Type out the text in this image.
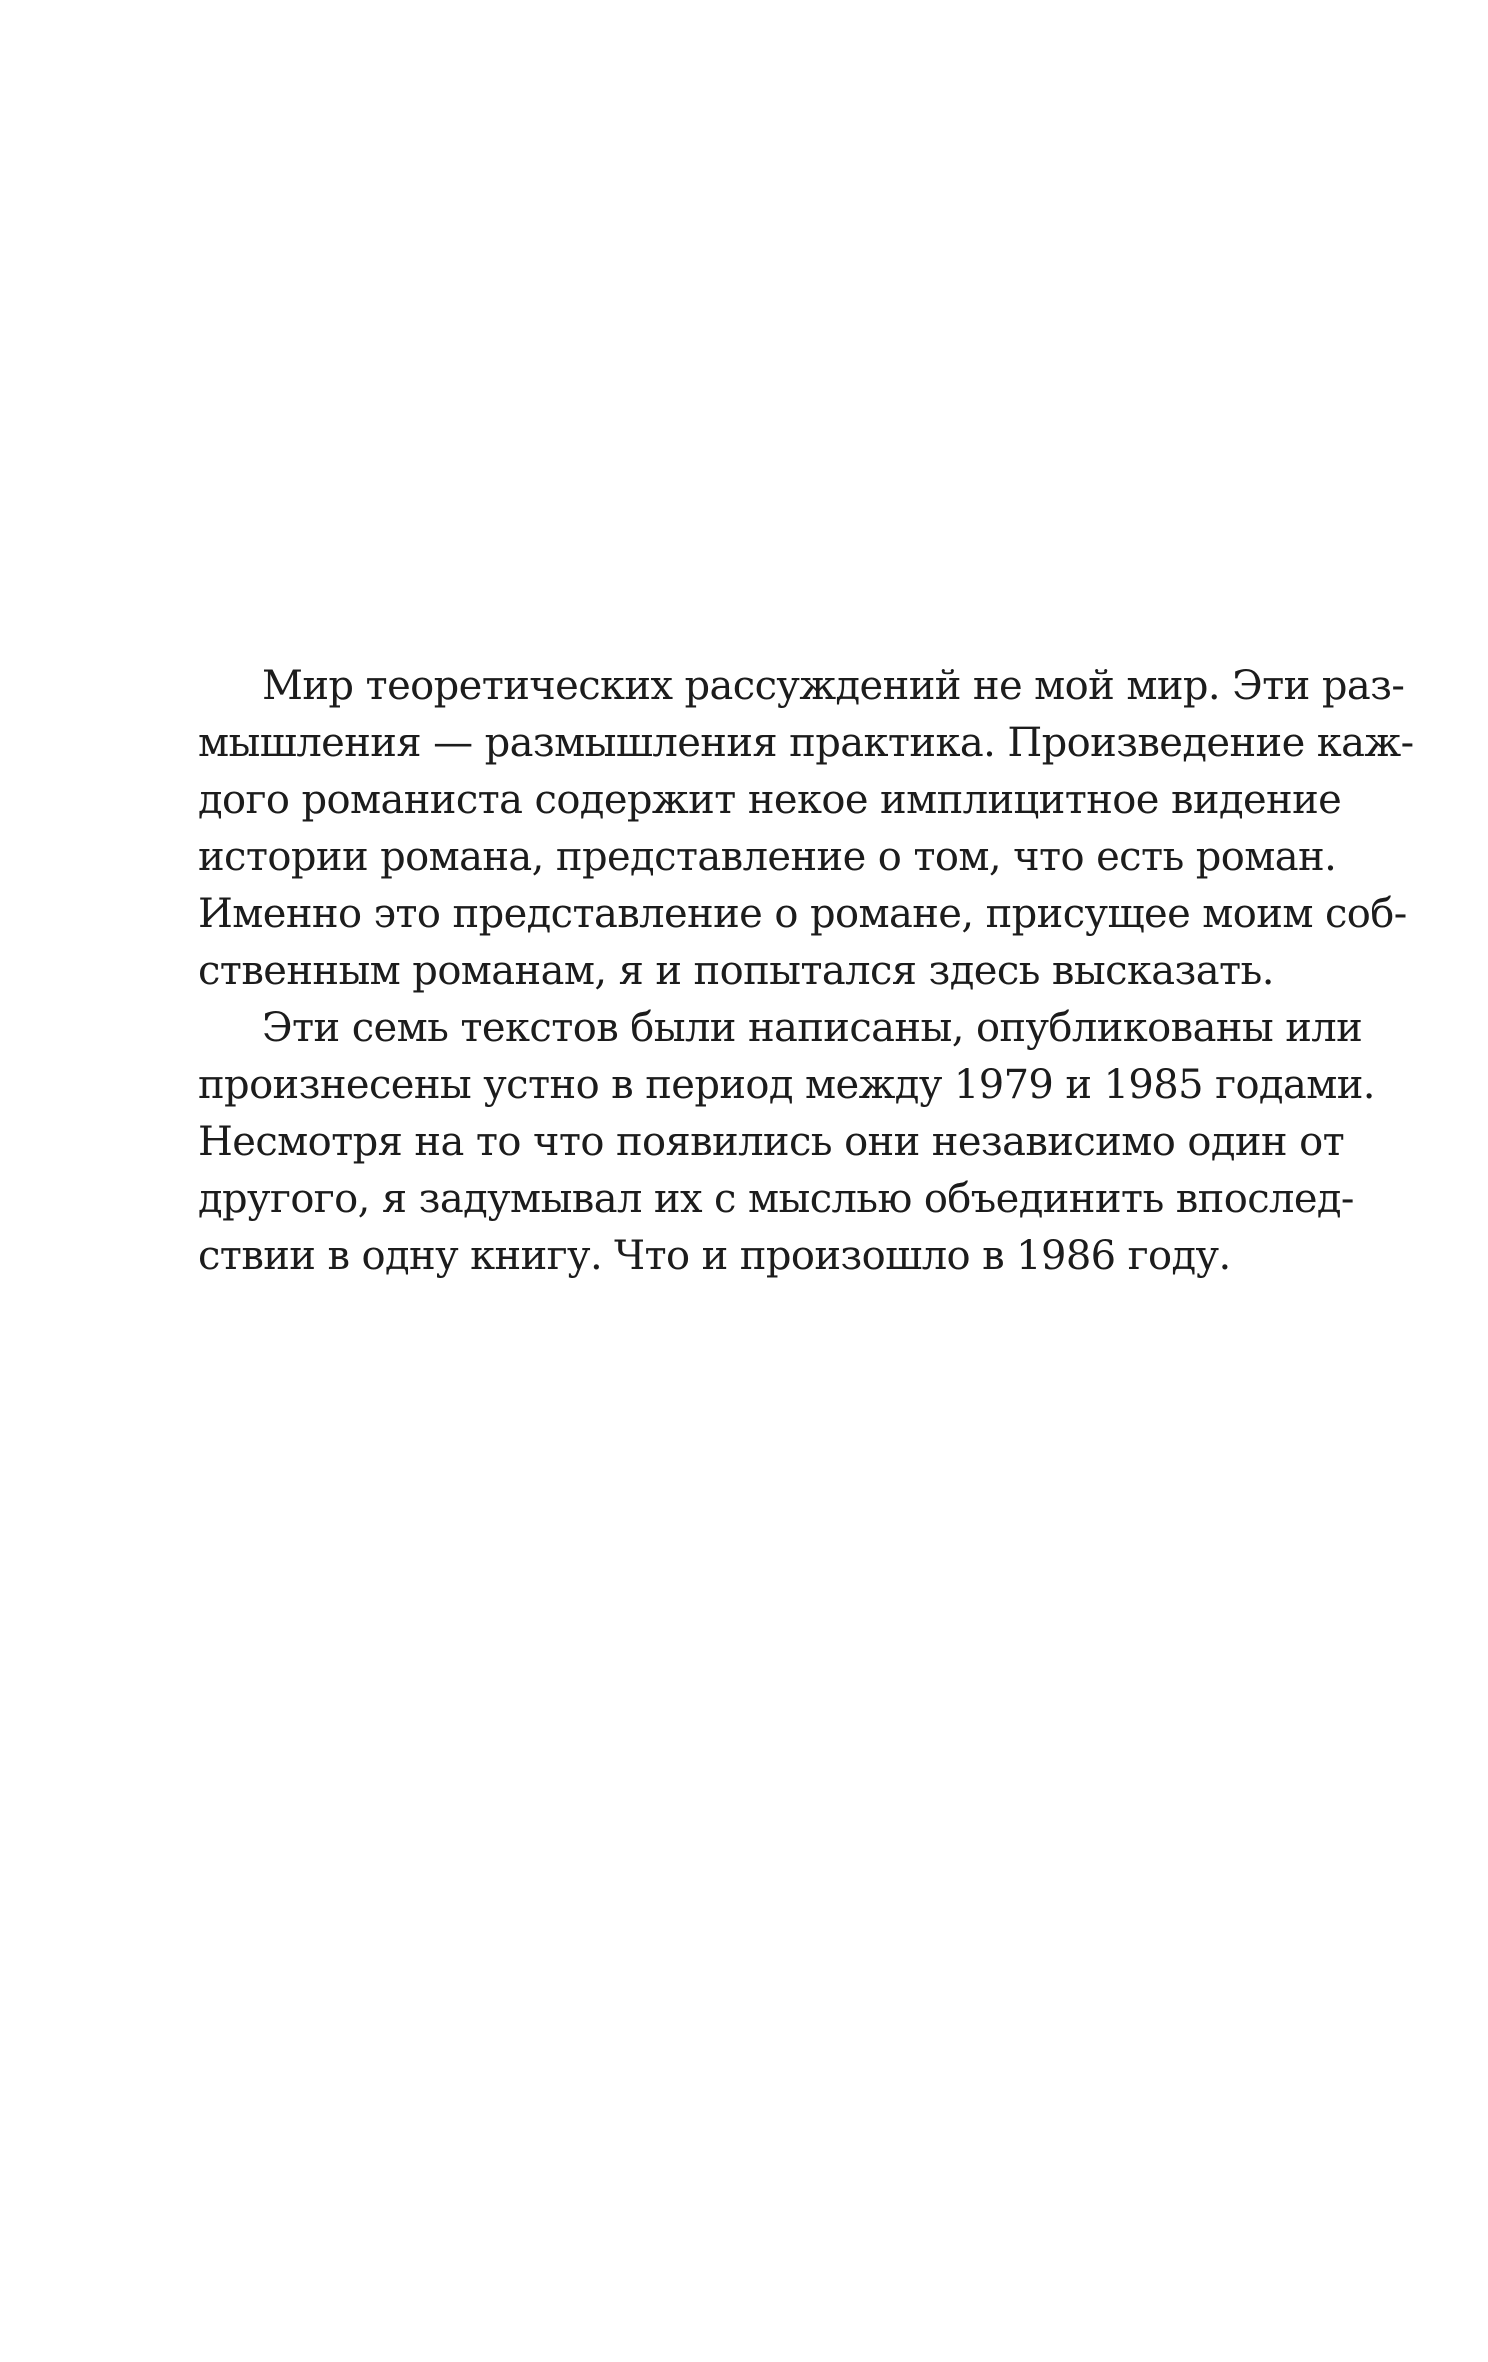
Мир теоретических рассуждений не мой мир. Эти раз-
мышления — размышления практика. Произведение каж-
дого романиста содержит некое имплицитное видение
истории романа, представление о том, что есть роман.
Именно это представление о романе, присущее моим соб-
ственным романам, я и попытался здесь высказать.
Эти семь текстов были написаны, опубликованы или
произнесены устно в период между 1979 и 1985 годами.
Несмотря на то что появились они независимо один от
другого, я задумывал их с мыслью объединить впослед-
ствии в одну книгу. Что и произошло в 1986 году.
